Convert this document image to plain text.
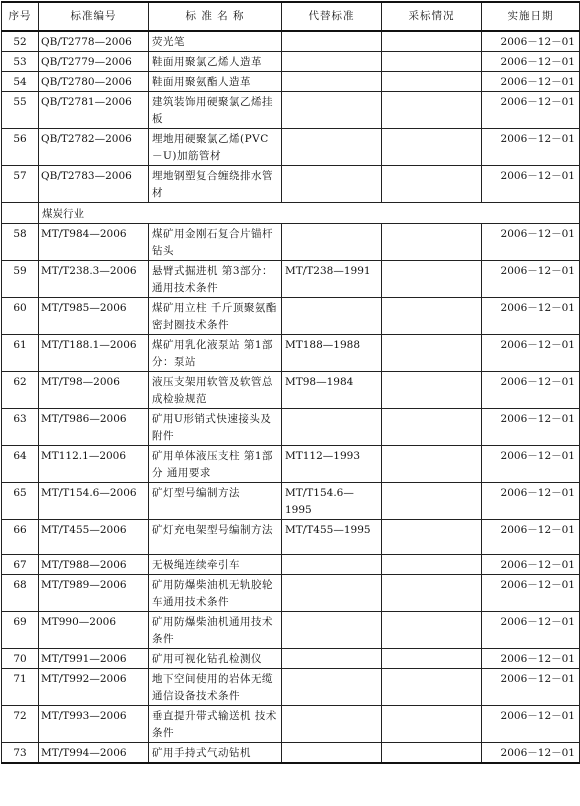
序号	标准编号	标 准 名 称	代替标准	采标情况	实施日期
52	QB/T2778—2006	荧光笔			2006－12－01
53	QB/T2779—2006	鞋面用聚氯乙烯人造革			2006－12－01
54	QB/T2780—2006	鞋面用聚氨酯人造革			2006－12－01
55	QB/T2781—2006	建筑装饰用硬聚氯乙烯挂板			2006－12－01
56	QB/T2782—2006	埋地用硬聚氯乙烯(PVC－U)加筋管材			2006－12－01
57	QB/T2783—2006	埋地钢塑复合缠绕排水管材			2006－12－01
	煤炭行业				
58	MT/T984—2006	煤矿用金刚石复合片锚杆钻头			2006－12－01
59	MT/T238.3—2006	悬臂式掘进机 第3部分：通用技术条件	MT/T238—1991		2006－12－01
60	MT/T985—2006	煤矿用立柱 千斤顶聚氨酯密封圈技术条件			2006－12－01
61	MT/T188.1—2006	煤矿用乳化液泵站 第1部分：泵站	MT188—1988		2006－12－01
62	MT/T98—2006	液压支架用软管及软管总成检验规范	MT98—1984		2006－12－01
63	MT/T986—2006	矿用U形销式快速接头及附件			2006－12－01
64	MT112.1—2006	矿用单体液压支柱 第1部分 通用要求	MT112—1993		2006－12－01
65	MT/T154.6—2006	矿灯型号编制方法	MT/T154.6—1995		2006－12－01
66	MT/T455—2006	矿灯充电架型号编制方法	MT/T455—1995		2006－12－01
67	MT/T988—2006	无极绳连续牵引车			2006－12－01
68	MT/T989—2006	矿用防爆柴油机无轨胶轮车通用技术条件			2006－12－01
69	MT990—2006	矿用防爆柴油机通用技术条件			2006－12－01
70	MT/T991—2006	矿用可视化钻孔检测仪			2006－12－01
71	MT/T992—2006	地下空间使用的岩体无缆通信设备技术条件			2006－12－01
72	MT/T993—2006	垂直提升带式输送机 技术条件			2006－12－01
73	MT/T994—2006	矿用手持式气动钻机			2006－12－01
